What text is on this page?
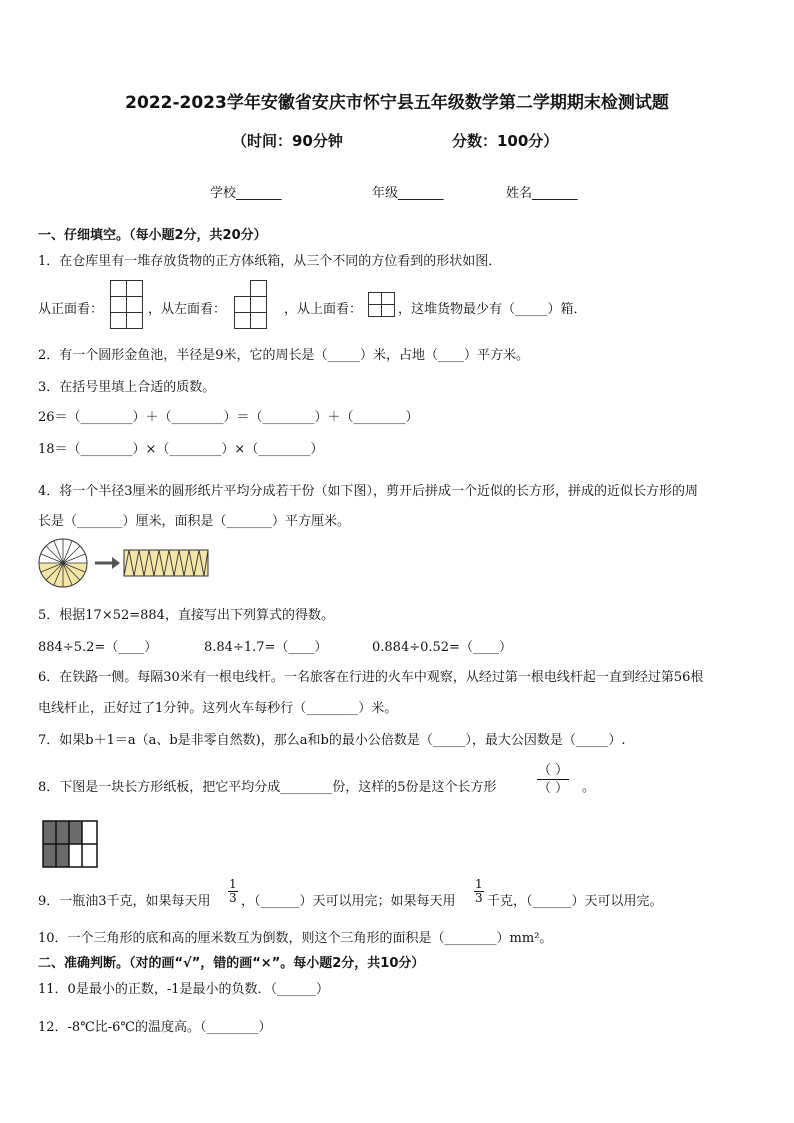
2022-2023学年安徽省安庆市怀宁县五年级数学第二学期期末检测试题
（时间：90分钟	分数：100分）
学校_______	年级_______	姓名_______
一、仔细填空。（每小题2分，共20分）
1．在仓库里有一堆存放货物的正方体纸箱，从三个不同的方位看到的形状如图．
从正面看：

		，从左面看：	，从上面看：	，这堆货物最少有（_____）箱．
2．有一个圆形金鱼池，半径是9米，它的周长是（_____）米，占地（____）平方米。
3．在括号里填上合适的质数。
26＝（________）＋（________）＝（________）＋（________）
18＝（________）×（________）×（________）
4．将一个半径3厘米的圆形纸片平均分成若干份（如下图），剪开后拼成一个近似的长方形，拼成的近似长方形的周
长是（_______）厘米，面积是（_______）平方厘米。
5．根据17×52=884，直接写出下列算式的得数。
884÷5.2=（____）	8.84÷1.7=（____）	0.884÷0.52=（____）
6．在铁路一侧。每隔30米有一根电线杆。一名旅客在行进的火车中观察，从经过第一根电线杆起一直到经过第56根
电线杆止，正好过了1分钟。这列火车每秒行（________）米。
7．如果b＋1＝a（a、b是非零自然数)，那么a和b的最小公倍数是（_____），最大公因数是（_____）.
8．下图是一块长方形纸板，把它平均分成________份，这样的5份是这个长方形	$\frac{( )}{( )}$ 。
9．一瓶油3千克，如果每天用 $\frac{1}{3}$ ，（______）天可以用完；如果每天用 $\frac{1}{3}$ 千克，（______）天可以用完。
10．一个三角形的底和高的厘米数互为倒数，则这个三角形的面积是（________）mm²。
二、准确判断。（对的画“√”，错的画“×”。每小题2分，共10分）
11．0是最小的正数，-1是最小的负数．（______）
12．-8℃比-6℃的温度高。（________）
